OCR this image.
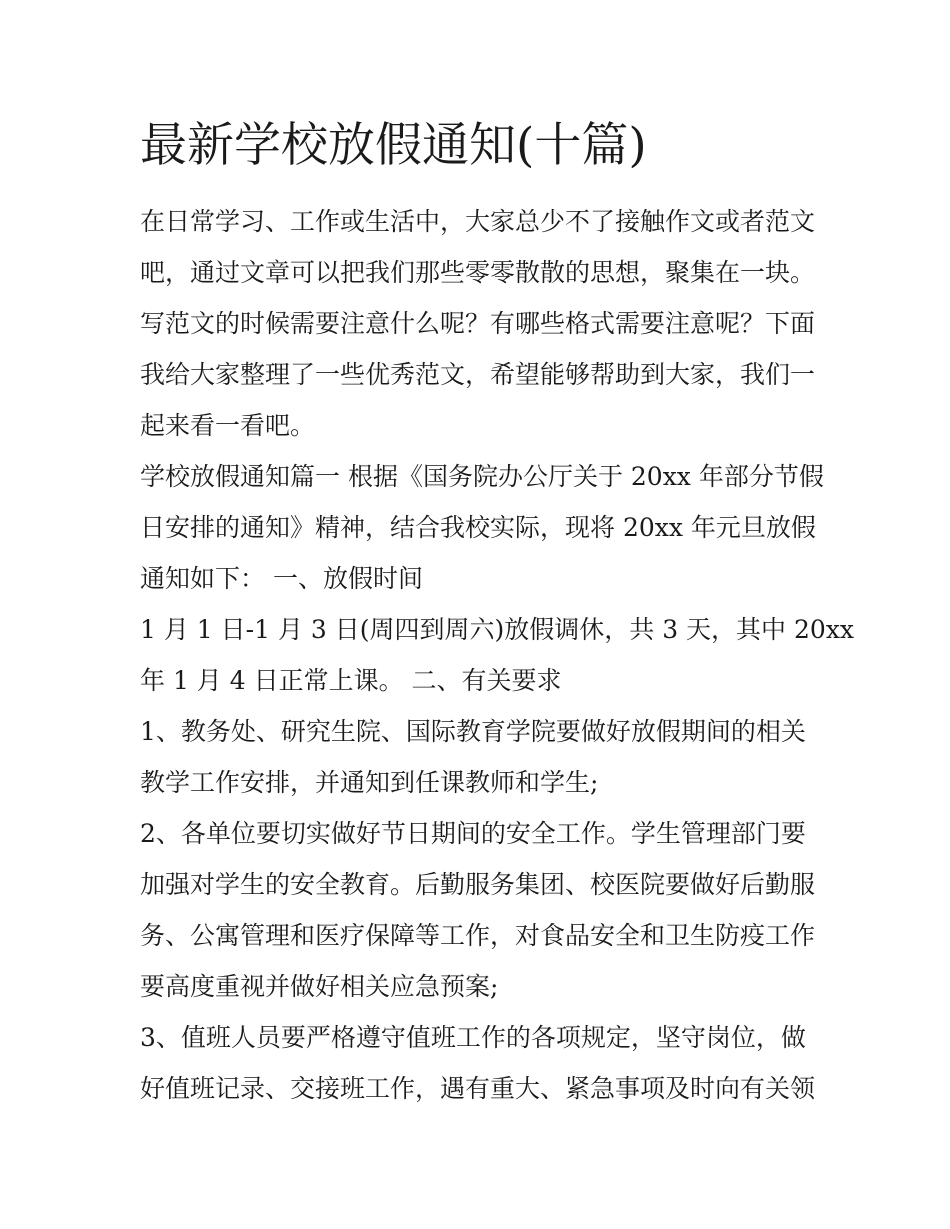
最新学校放假通知(十篇)

在日常学习、工作或生活中，大家总少不了接触作文或者范文
吧，通过文章可以把我们那些零零散散的思想，聚集在一块。
写范文的时候需要注意什么呢？有哪些格式需要注意呢？下面
我给大家整理了一些优秀范文，希望能够帮助到大家，我们一
起来看一看吧。

学校放假通知篇一 根据《国务院办公厅关于 20xx 年部分节假
日安排的通知》精神，结合我校实际，现将 20xx 年元旦放假
通知如下： 一、放假时间

1 月 1 日-1 月 3 日(周四到周六)放假调休，共 3 天，其中 20xx
年 1 月 4 日正常上课。 二、有关要求

1、教务处、研究生院、国际教育学院要做好放假期间的相关
教学工作安排，并通知到任课教师和学生;

2、各单位要切实做好节日期间的安全工作。学生管理部门要
加强对学生的安全教育。后勤服务集团、校医院要做好后勤服
务、公寓管理和医疗保障等工作，对食品安全和卫生防疫工作
要高度重视并做好相关应急预案;

3、值班人员要严格遵守值班工作的各项规定，坚守岗位，做
好值班记录、交接班工作，遇有重大、紧急事项及时向有关领
